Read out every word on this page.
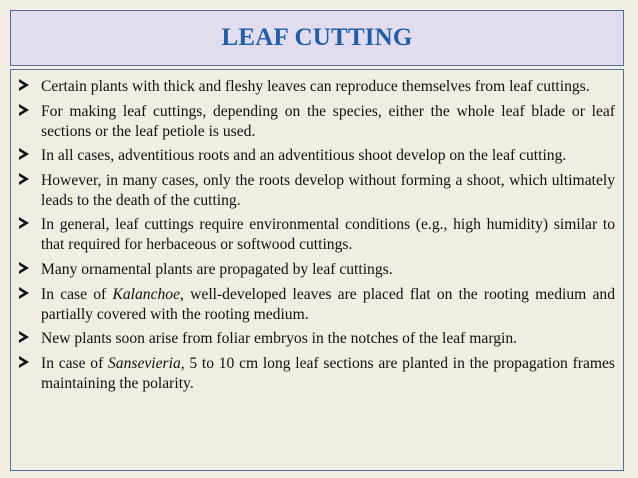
LEAF CUTTING
Certain plants with thick and fleshy leaves can reproduce themselves from leaf cuttings.
For making leaf cuttings, depending on the species, either the whole leaf blade or leaf sections or the leaf petiole is used.
In all cases, adventitious roots and an adventitious shoot develop on the leaf cutting.
However, in many cases, only the roots develop without forming a shoot, which ultimately leads to the death of the cutting.
In general, leaf cuttings require environmental conditions (e.g., high humidity) similar to that required for herbaceous or softwood cuttings.
Many ornamental plants are propagated by leaf cuttings.
In case of Kalanchoe, well-developed leaves are placed flat on the rooting medium and partially covered with the rooting medium.
New plants soon arise from foliar embryos in the notches of the leaf margin.
In case of Sansevieria, 5 to 10 cm long leaf sections are planted in the propagation frames maintaining the polarity.
